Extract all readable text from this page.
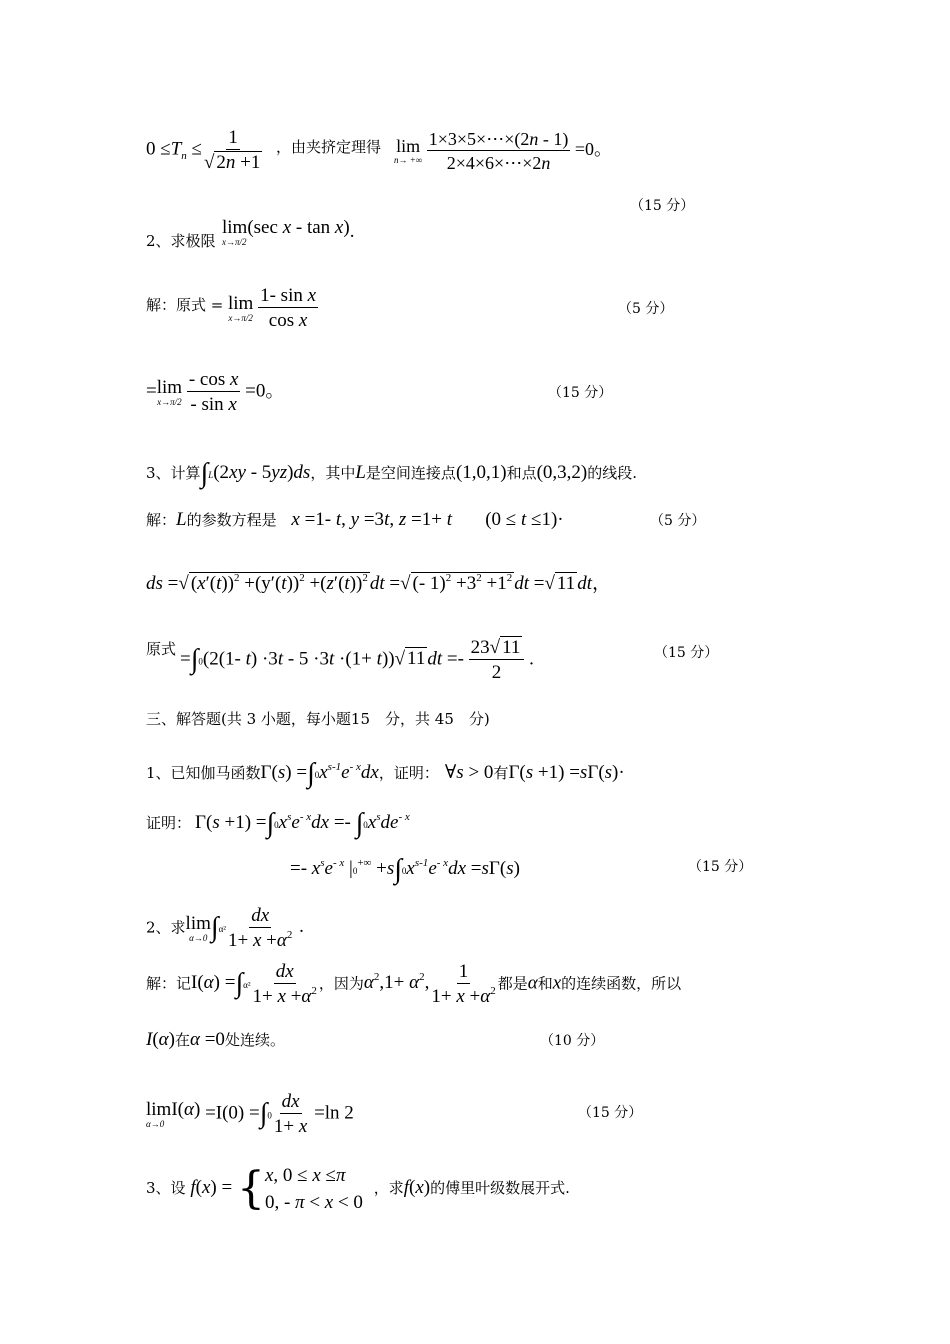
$0 \le T_n \le \frac{1}{√ 2n +1}$ ，由夹挤定理得 lim
n→ +∞
$\frac{1\times 3\times 5\times\cdots\times(2n - 1)}{2\times 4\times 6\times\cdots\times 2n} =0$。
（15 分）
2、求极限
lim(sec x - tan x)
x→π/2
.
解：原式 = lim
x→π/2
$\frac{\text{1- sin x}}{\text{cos x}}$	（5 分）
= lim
x→π/2
$\frac{\text{- cos x}}{\text{- sin x}} =0$。	（15 分）
3、计算∫L(2xy - 5yz)ds，其中L是空间连接点(1,0,1)和点(0,3,2)的线段.
解：L的参数方程是 x =1- t, y =3t, z =1+ t       (0 ≤ t ≤1)·	（5 分）
ds =√ $(x'(t))^2 +(y'(t))^2 +(z'(t))^2$ dt =√ (- $1)^2 +3^2 +1^2$ dt =√ 11 dt，
原式 =∫0(2(1- t) ·3t - 5 ·3t ·(1+ t))√ 11 dt =- $\frac{23√ 11}{2}$ .	（15 分）
三、解答题(共 3 小题，每小题15　分，共 45　分)
1、已知伽马函数$\Gamma(s) =\int 0x^{s-1}e^{- x}dx$，证明： ∀s > 0有Γ(s +1) =sΓ(s)·
证明： $\Gamma(s +1) =\int 0x^se^{- x}dx =- \int 0x^sde^{- x}$
=- $x^se^{- x}$ $|0^{+\infty} +s\int 0x^{s-1}e^{- x}dx =s\Gamma(s)$	（15 分）
2、求 lim
α→0 $\int\alpha^2 \frac{dx}{1+ x +\alpha^2}$ .
解：记$I(\alpha) =\int\alpha^2 \frac{dx}{1+ x +\alpha^2}$ ，因为$\alpha^2,1+ \alpha^2$, $\frac{1}{1+ x +\alpha^2}$ 都是α和x的连续函数，所以
I(α)在α =0处连续。	（10 分）
limI(α)
α→0
$=I(0) =\int 0 \frac{dx}{1+ x} =\ln$ 2	（15 分）
3、设 f(x) = { x, 0 ≤ x ≤π
0, - π < x < 0
，求f(x)的傅里叶级数展开式.
